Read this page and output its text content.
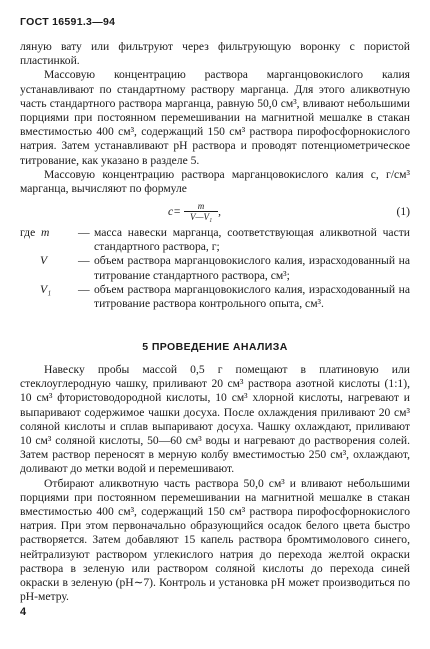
ГОСТ 16591.3—94

ляную вату или фильтруют через фильтрующую воронку с пористой пластинкой.

Массовую концентрацию раствора марганцовокислого калия устанавливают по стандартному раствору марганца. Для этого аликвотную часть стандартного раствора марганца, равную 50,0 см³, вливают небольшими порциями при постоянном перемешивании на магнитной мешалке в стакан вместимостью 400 см³, содержащий 150 см³ раствора пирофосфорнокислого натрия. Затем устанавливают pH раствора и проводят потенциометрическое титрование, как указано в разделе 5.

Массовую концентрацию раствора марганцовокислого калия c, г/см³ марганца, вычисляют по формуле

$c= \frac{m}{\text{V—V₁}}$ ,	(1)
где m	— масса навески марганца, соответствующая аликвотной части стандартного раствора, г;
V	— объем раствора марганцовокислого калия, израсходованный на титрование стандартного раствора, см³;
V₁	— объем раствора марганцовокислого калия, израсходованный на титрование раствора контрольного опыта, см³.
5 ПРОВЕДЕНИЕ АНАЛИЗА

Навеску пробы массой 0,5 г помещают в платиновую или стеклоуглеродную чашку, приливают 20 см³ раствора азотной кислоты (1:1), 10 см³ фтористоводородной кислоты, 10 см³ хлорной кислоты, нагревают и выпаривают содержимое чашки досуха. После охлаждения приливают 20 см³ соляной кислоты и сплав выпаривают досуха. Чашку охлаждают, приливают 10 см³ соляной кислоты, 50—60 см³ воды и нагревают до растворения солей. Затем раствор переносят в мерную колбу вместимостью 250 см³, охлаждают, доливают до метки водой и перемешивают.

Отбирают аликвотную часть раствора 50,0 см³ и вливают небольшими порциями при постоянном перемешивании на магнитной мешалке в стакан вместимостью 400 см³, содержащий 150 см³ раствора пирофосфорнокислого натрия. При этом первоначально образующийся осадок белого цвета быстро растворяется. Затем добавляют 15 капель раствора бромтимолового синего, нейтрализуют раствором углекислого натрия до перехода желтой окраски раствора в зеленую или раствором соляной кислоты до перехода синей окраски в зеленую (pH∼7). Контроль и установка pH может производиться по pH-метру.

4
